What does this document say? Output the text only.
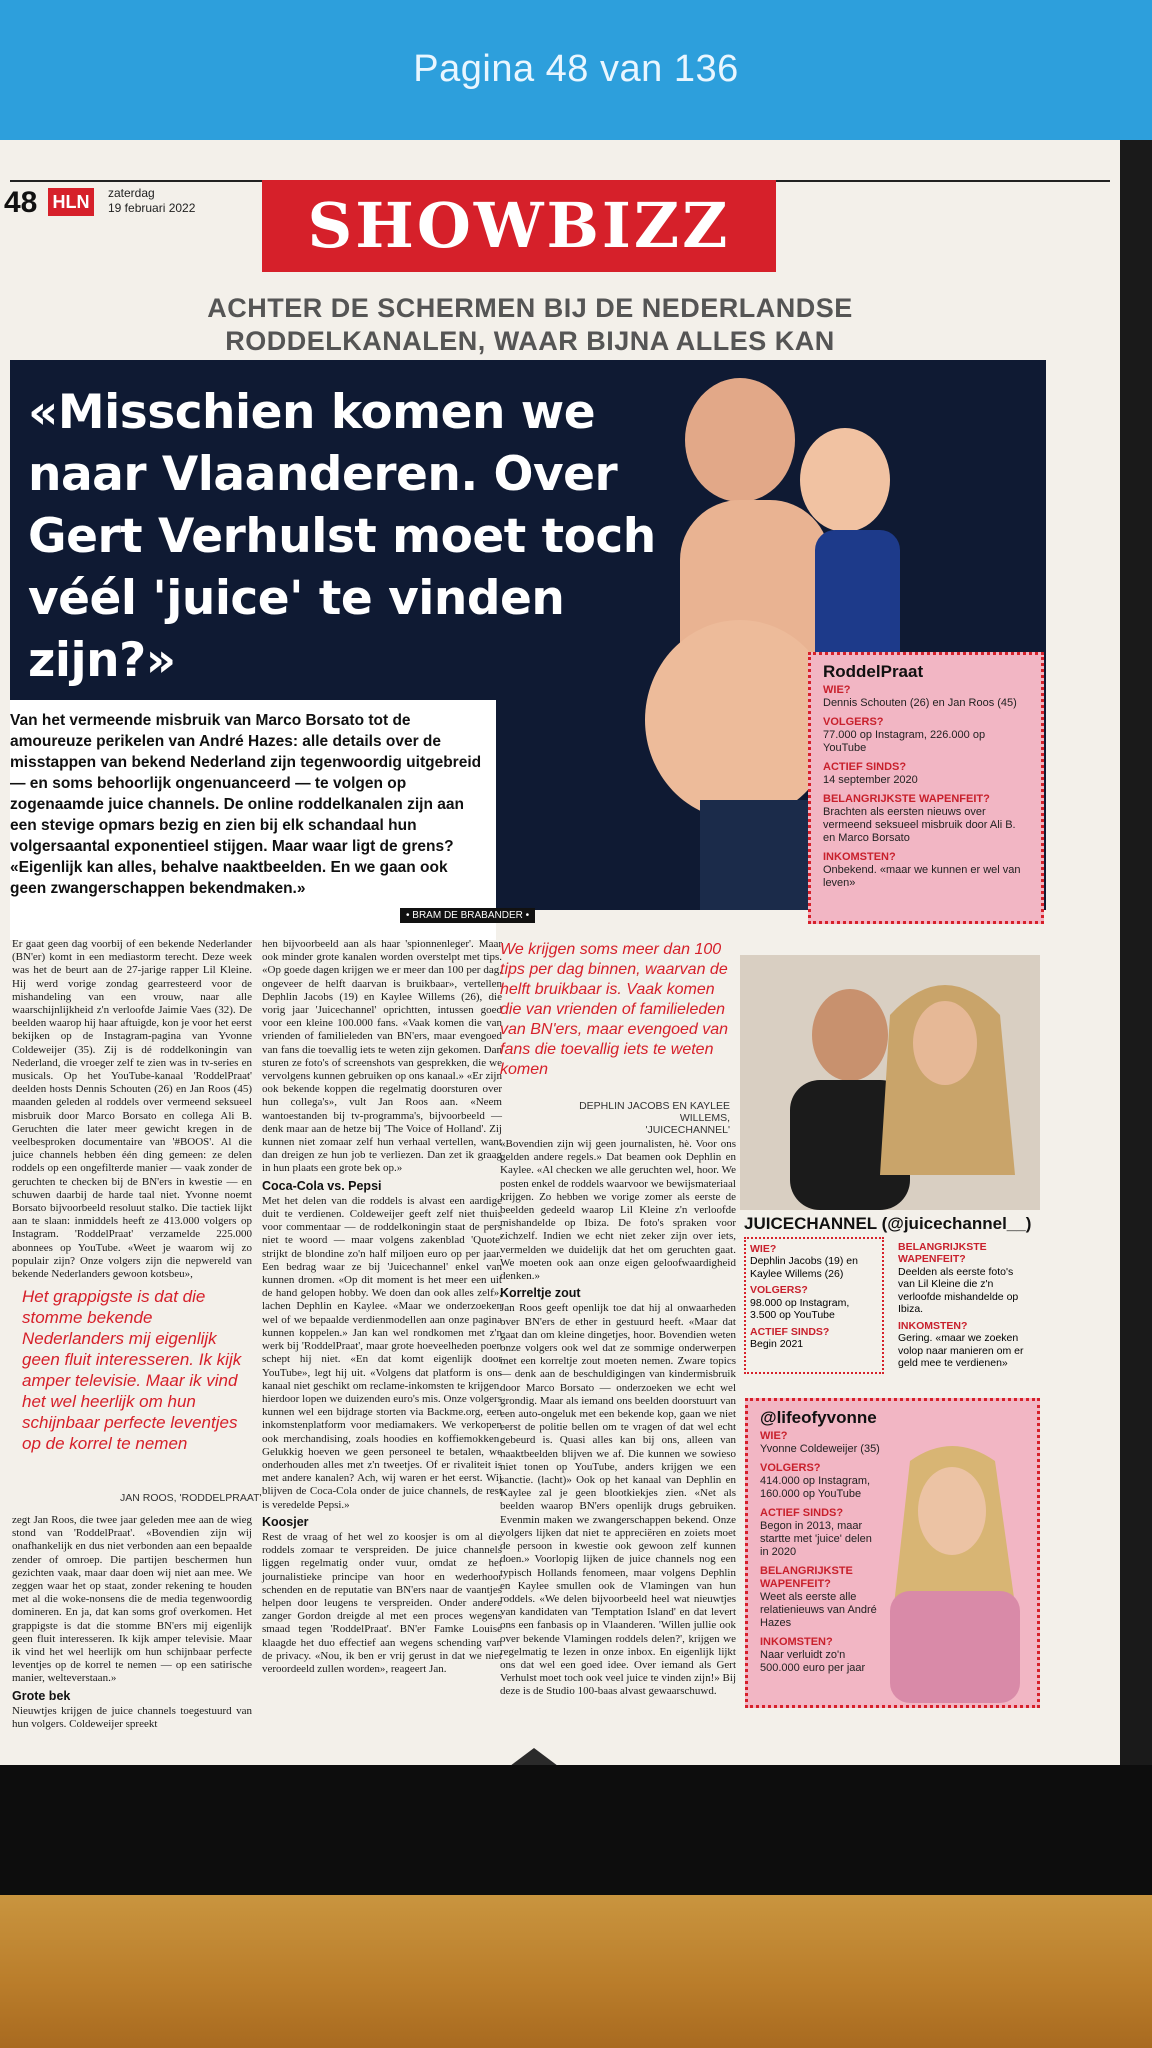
Pagina 48 van 136
48 HLN	zaterdag
19 februari 2022	SHOWBIZZ
ACHTER DE SCHERMEN BIJ DE NEDERLANDSE
RODDELKANALEN, WAAR BIJNA ALLES KAN
«Misschien komen we naar Vlaanderen. Over Gert Verhulst moet toch véél 'juice' te vinden zijn?»	RoddelPraat
WIE?
Dennis Schouten (26) en Jan Roos (45)
VOLGERS?
77.000 op Instagram, 226.000 op YouTube
ACTIEF SINDS?
14 september 2020
BELANGRIJKSTE WAPENFEIT?
Brachten als eersten nieuws over vermeend seksueel misbruik door Ali B. en Marco Borsato
INKOMSTEN?
Onbekend. «maar we kunnen er wel van leven»
Van het vermeende misbruik van Marco Borsato tot de amoureuze perikelen van André Hazes: alle details over de misstappen van bekend Nederland zijn tegenwoordig uitgebreid — en soms behoorlijk ongenuanceerd — te volgen op zogenaamde juice channels. De online roddelkanalen zijn aan een stevige opmars bezig en zien bij elk schandaal hun volgersaantal exponentieel stijgen. Maar waar ligt de grens? «Eigenlijk kan alles, behalve naaktbeelden. En we gaan ook geen zwangerschappen bekendmaken.»
• BRAM DE BRABANDER •
Er gaat geen dag voorbij of een bekende Nederlander (BN'er) komt in een mediastorm terecht. Deze week was het de beurt aan de 27-jarige rapper Lil Kleine. Hij werd vorige zondag gearresteerd voor de mishandeling van een vrouw, naar alle waarschijnlijkheid z'n verloofde Jaimie Vaes (32). De beelden waarop hij haar aftuigde, kon je voor het eerst bekijken op de Instagram-pagina van Yvonne Coldeweijer (35). Zij is dé roddelkoningin van Nederland, die vroeger zelf te zien was in tv-series en musicals. Op het YouTube-kanaal 'RoddelPraat' deelden hosts Dennis Schouten (26) en Jan Roos (45) maanden geleden al roddels over vermeend seksueel misbruik door Marco Borsato en collega Ali B. Geruchten die later meer gewicht kregen in de veelbesproken documentaire van '#BOOS'. Al die juice channels hebben één ding gemeen: ze delen roddels op een ongefilterde manier — vaak zonder de geruchten te checken bij de BN'ers in kwestie — en schuwen daarbij de harde taal niet. Yvonne noemt Borsato bijvoorbeeld resoluut stalko. Die tactiek lijkt aan te slaan: inmiddels heeft ze 413.000 volgers op Instagram. 'RoddelPraat' verzamelde 225.000 abonnees op YouTube. «Weet je waarom wij zo populair zijn? Onze volgers zijn die nepwereld van bekende Nederlanders gewoon kotsbeu»,
Het grappigste is dat die stomme bekende Nederlanders mij eigenlijk geen fluit interesseren. Ik kijk amper televisie. Maar ik vind het wel heerlijk om hun schijnbaar perfecte leventjes op de korrel te nemen
JAN ROOS, 'RODDELPRAAT'
zegt Jan Roos, die twee jaar geleden mee aan de wieg stond van 'RoddelPraat'. «Bovendien zijn wij onafhankelijk en dus niet verbonden aan een bepaalde zender of omroep. Die partijen beschermen hun gezichten vaak, maar daar doen wij niet aan mee. We zeggen waar het op staat, zonder rekening te houden met al die woke-nonsens die de media tegenwoordig domineren. En ja, dat kan soms grof overkomen. Het grappigste is dat die stomme BN'ers mij eigenlijk geen fluit interesseren. Ik kijk amper televisie. Maar ik vind het wel heerlijk om hun schijnbaar perfecte leventjes op de korrel te nemen — op een satirische manier, welteverstaan.»
Grote bek
Nieuwtjes krijgen de juice channels toegestuurd van hun volgers. Coldeweijer spreekt
hen bijvoorbeeld aan als haar 'spionnenleger'. Maar ook minder grote kanalen worden overstelpt met tips. «Op goede dagen krijgen we er meer dan 100 per dag, ongeveer de helft daarvan is bruikbaar», vertellen Dephlin Jacobs (19) en Kaylee Willems (26), die vorig jaar 'Juicechannel' oprichtten, intussen goed voor een kleine 100.000 fans. «Vaak komen die van vrienden of familieleden van BN'ers, maar evengoed van fans die toevallig iets te weten zijn gekomen. Dan sturen ze foto's of screenshots van gesprekken, die we vervolgens kunnen gebruiken op ons kanaal.» «Er zijn ook bekende koppen die regelmatig doorsturen over hun collega's», vult Jan Roos aan. «Neem wantoestanden bij tv-programma's, bijvoorbeeld — denk maar aan de hetze bij 'The Voice of Holland'. Zij kunnen niet zomaar zelf hun verhaal vertellen, want dan dreigen ze hun job te verliezen. Dan zet ik graag in hun plaats een grote bek op.»
Coca-Cola vs. Pepsi
Met het delen van die roddels is alvast een aardige duit te verdienen. Coldeweijer geeft zelf niet thuis voor commentaar — de roddelkoningin staat de pers niet te woord — maar volgens zakenblad 'Quote' strijkt de blondine zo'n half miljoen euro op per jaar. Een bedrag waar ze bij 'Juicechannel' enkel van kunnen dromen. «Op dit moment is het meer een uit de hand gelopen hobby. We doen dan ook alles zelf», lachen Dephlin en Kaylee. «Maar we onderzoeken wel of we bepaalde verdienmodellen aan onze pagina kunnen koppelen.» Jan kan wel rondkomen met z'n werk bij 'RoddelPraat', maar grote hoeveelheden poen schept hij niet. «En dat komt eigenlijk door YouTube», legt hij uit. «Volgens dat platform is ons kanaal niet geschikt om reclame-inkomsten te krijgen, hierdoor lopen we duizenden euro's mis. Onze volgers kunnen wel een bijdrage storten via Backme.org, een inkomstenplatform voor mediamakers. We verkopen ook merchandising, zoals hoodies en koffiemokken. Gelukkig hoeven we geen personeel te betalen, we onderhouden alles met z'n tweetjes. Of er rivaliteit is met andere kanalen? Ach, wij waren er het eerst. Wij blijven de Coca-Cola onder de juice channels, de rest is veredelde Pepsi.»
Koosjer
Rest de vraag of het wel zo koosjer is om al die roddels zomaar te verspreiden. De juice channels liggen regelmatig onder vuur, omdat ze het journalistieke principe van hoor en wederhoor schenden en de reputatie van BN'ers naar de vaantjes helpen door leugens te verspreiden. Onder andere zanger Gordon dreigde al met een proces wegens smaad tegen 'RoddelPraat'. BN'er Famke Louise klaagde het duo effectief aan wegens schending van de privacy. «Nou, ik ben er vrij gerust in dat we niet veroordeeld zullen worden», reageert Jan.
We krijgen soms meer dan 100 tips per dag binnen, waarvan de helft bruikbaar is. Vaak komen die van vrienden of familieleden van BN'ers, maar evengoed van fans die toevallig iets te weten komen
DEPHLIN JACOBS EN KAYLEE WILLEMS,
'JUICECHANNEL'
«Bovendien zijn wij geen journalisten, hè. Voor ons gelden andere regels.» Dat beamen ook Dephlin en Kaylee. «Al checken we alle geruchten wel, hoor. We posten enkel de roddels waarvoor we bewijsmateriaal krijgen. Zo hebben we vorige zomer als eerste de beelden gedeeld waarop Lil Kleine z'n verloofde mishandelde op Ibiza. De foto's spraken voor zichzelf. Indien we echt niet zeker zijn over iets, vermelden we duidelijk dat het om geruchten gaat. We moeten ook aan onze eigen geloofwaardigheid denken.»
Korreltje zout
Jan Roos geeft openlijk toe dat hij al onwaarheden over BN'ers de ether in gestuurd heeft. «Maar dat gaat dan om kleine dingetjes, hoor. Bovendien weten onze volgers ook wel dat ze sommige onderwerpen met een korreltje zout moeten nemen. Zware topics — denk aan de beschuldigingen van kindermisbruik door Marco Borsato — onderzoeken we echt wel grondig. Maar als iemand ons beelden doorstuurt van een auto-ongeluk met een bekende kop, gaan we niet eerst de politie bellen om te vragen of dat wel echt gebeurd is. Quasi alles kan bij ons, alleen van naaktbeelden blijven we af. Die kunnen we sowieso niet tonen op YouTube, anders krijgen we een sanctie. (lacht)» Ook op het kanaal van Dephlin en Kaylee zal je geen blootkiekjes zien. «Net als beelden waarop BN'ers openlijk drugs gebruiken. Evenmin maken we zwangerschappen bekend. Onze volgers lijken dat niet te appreciëren en zoiets moet de persoon in kwestie ook gewoon zelf kunnen doen.» Voorlopig lijken de juice channels nog een typisch Hollands fenomeen, maar volgens Dephlin en Kaylee smullen ook de Vlamingen van hun roddels. «We delen bijvoorbeeld heel wat nieuwtjes van kandidaten van 'Temptation Island' en dat levert ons een fanbasis op in Vlaanderen. 'Willen jullie ook over bekende Vlamingen roddels delen?', krijgen we regelmatig te lezen in onze inbox. En eigenlijk lijkt ons dat wel een goed idee. Over iemand als Gert Verhulst moet toch ook veel juice te vinden zijn!» Bij deze is de Studio 100-baas alvast gewaarschuwd.
JUICECHANNEL (@juicechannel__)
WIE?
Dephlin Jacobs (19) en Kaylee Willems (26)
VOLGERS?
98.000 op Instagram, 3.500 op YouTube
ACTIEF SINDS?
Begin 2021
BELANGRIJKSTE WAPENFEIT?
Deelden als eerste foto's van Lil Kleine die z'n verloofde mishandelde op Ibiza.
INKOMSTEN?
Gering. «maar we zoeken volop naar manieren om er geld mee te verdienen»
@lifeofyvonne
WIE?
Yvonne Coldeweijer (35)
VOLGERS?
414.000 op Instagram, 160.000 op YouTube
ACTIEF SINDS?
Begon in 2013, maar startte met 'juice' delen in 2020
BELANGRIJKSTE WAPENFEIT?
Weet als eerste alle relatienieuws van André Hazes
INKOMSTEN?
Naar verluidt zo'n 500.000 euro per jaar
